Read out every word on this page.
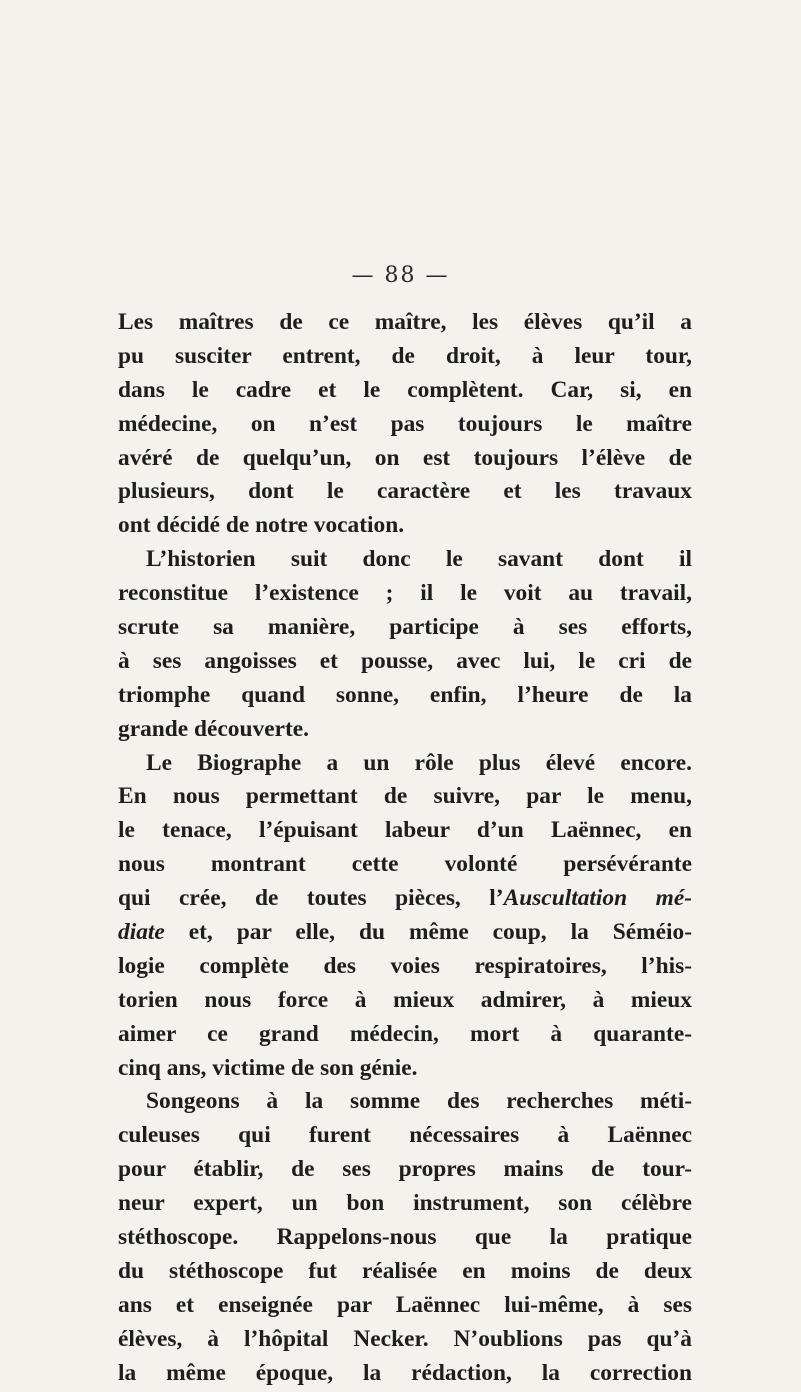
— 88 —
Les maîtres de ce maître, les élèves qu’il a
pu susciter entrent, de droit, à leur tour,
dans le cadre et le complètent. Car, si, en
médecine, on n’est pas toujours le maître
avéré de quelqu’un, on est toujours l’élève de
plusieurs, dont le caractère et les travaux
ont décidé de notre vocation.
L’historien suit donc le savant dont il
reconstitue l’existence ; il le voit au travail,
scrute sa manière, participe à ses efforts,
à ses angoisses et pousse, avec lui, le cri de
triomphe quand sonne, enfin, l’heure de la
grande découverte.
Le Biographe a un rôle plus élevé encore.
En nous permettant de suivre, par le menu,
le tenace, l’épuisant labeur d’un Laënnec, en
nous montrant cette volonté persévérante
qui crée, de toutes pièces, l’Auscultation mé-
diate et, par elle, du même coup, la Séméio-
logie complète des voies respiratoires, l’his-
torien nous force à mieux admirer, à mieux
aimer ce grand médecin, mort à quarante-
cinq ans, victime de son génie.
Songeons à la somme des recherches méti-
culeuses qui furent nécessaires à Laënnec
pour établir, de ses propres mains de tour-
neur expert, un bon instrument, son célèbre
stéthoscope. Rappelons-nous que la pratique
du stéthoscope fut réalisée en moins de deux
ans et enseignée par Laënnec lui-même, à ses
élèves, à l’hôpital Necker. N’oublions pas qu’à
la même époque, la rédaction, la correction
